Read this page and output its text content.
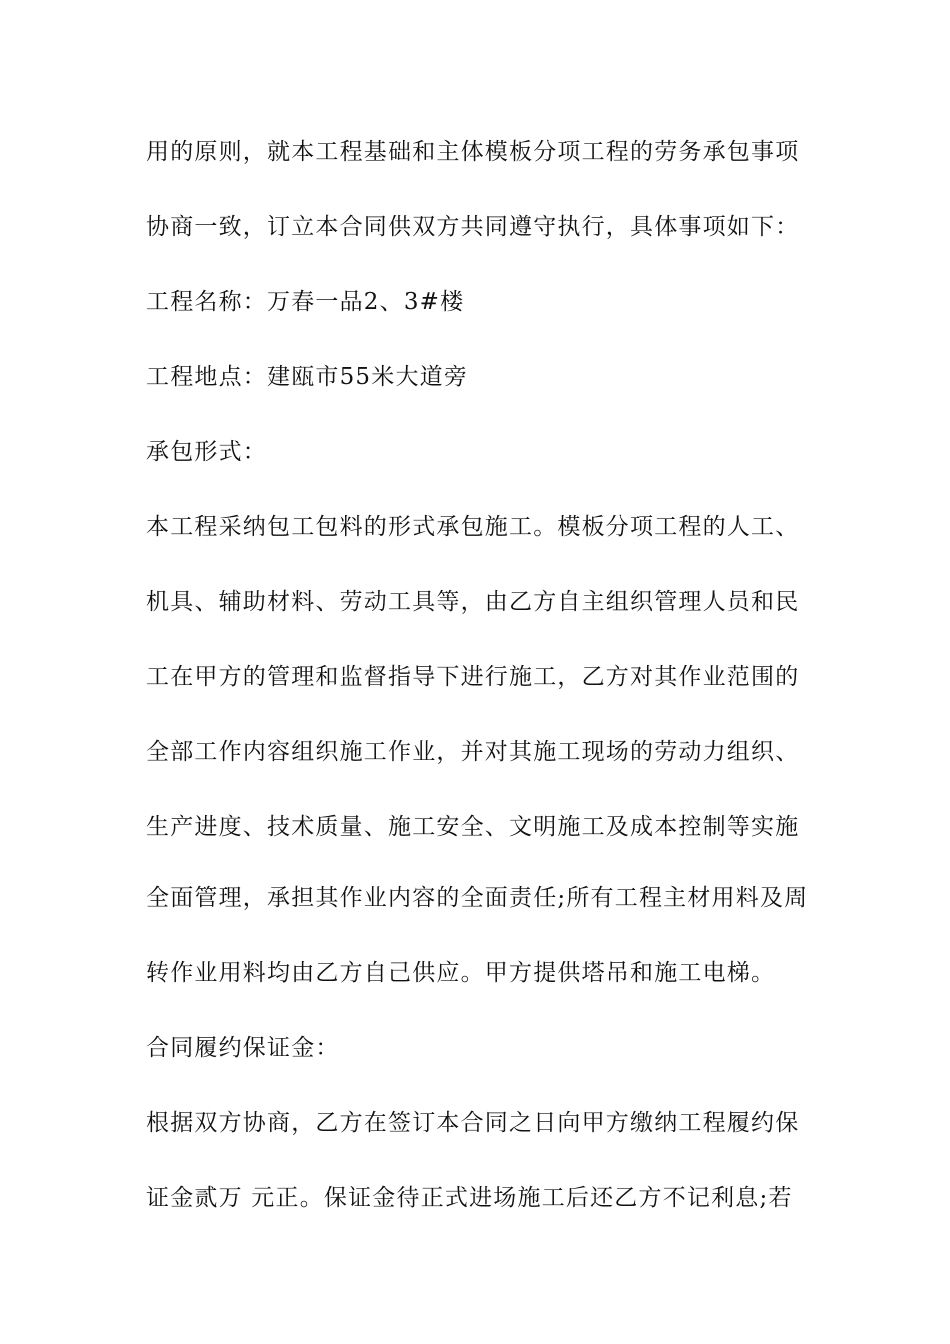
用的原则，就本工程基础和主体模板分项工程的劳务承包事项
协商一致，订立本合同供双方共同遵守执行，具体事项如下：
工程名称：万春一品2、3#楼
工程地点：建瓯市55米大道旁
承包形式：
本工程采纳包工包料的形式承包施工。模板分项工程的人工、
机具、辅助材料、劳动工具等，由乙方自主组织管理人员和民
工在甲方的管理和监督指导下进行施工，乙方对其作业范围的
全部工作内容组织施工作业，并对其施工现场的劳动力组织、
生产进度、技术质量、施工安全、文明施工及成本控制等实施
全面管理，承担其作业内容的全面责任;所有工程主材用料及周
转作业用料均由乙方自己供应。甲方提供塔吊和施工电梯。
合同履约保证金：
根据双方协商，乙方在签订本合同之日向甲方缴纳工程履约保
证金贰万 元正。保证金待正式进场施工后还乙方不记利息;若
